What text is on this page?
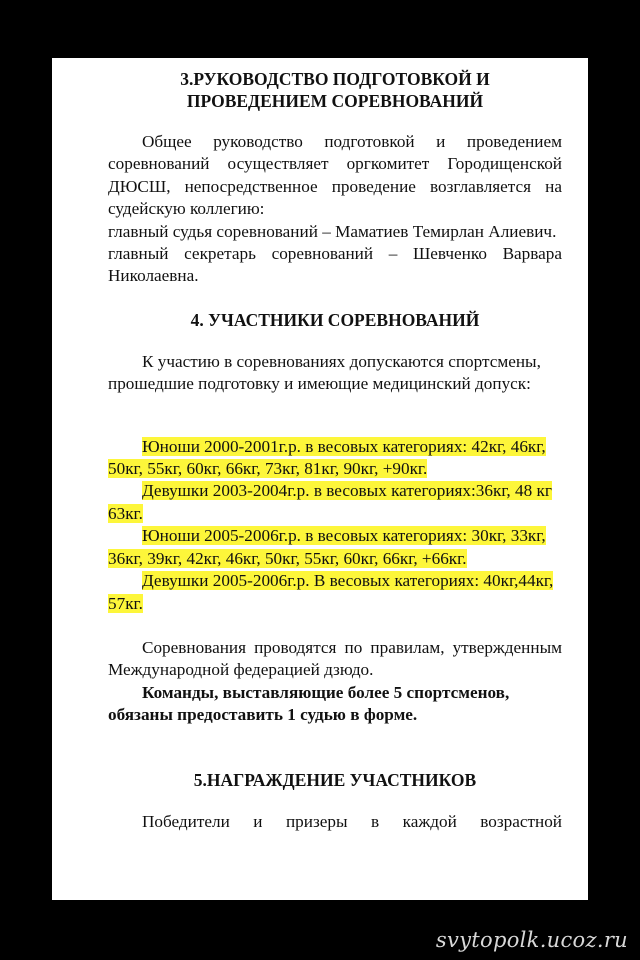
3.РУКОВОДСТВО ПОДГОТОВКОЙ И
ПРОВЕДЕНИЕМ СОРЕВНОВАНИЙ

Общее руководство подготовкой и проведением соревнований осуществляет оргкомитет Городищенской ДЮСШ, непосредственное проведение возглавляется на судейскую коллегию:

главный судья соревнований – Маматиев Темирлан Алиевич.

главный секретарь соревнований – Шевченко Варвара Николаевна.

4. УЧАСТНИКИ СОРЕВНОВАНИЙ

К участию в соревнованиях допускаются спортсмены, прошедшие подготовку и имеющие медицинский допуск:

Юноши 2000-2001г.р. в весовых категориях: 42кг, 46кг, 50кг, 55кг, 60кг, 66кг, 73кг, 81кг, 90кг, +90кг.

Девушки 2003-2004г.р. в весовых категориях:36кг, 48 кг 63кг.

Юноши 2005-2006г.р. в весовых категориях: 30кг, 33кг, 36кг, 39кг, 42кг, 46кг, 50кг, 55кг, 60кг, 66кг, +66кг.

Девушки 2005-2006г.р. В весовых категориях: 40кг,44кг, 57кг.

Соревнования проводятся по правилам, утвержденным Международной федерацией дзюдо.

Команды, выставляющие более 5 спортсменов, обязаны предоставить 1 судью в форме.

5.НАГРАЖДЕНИЕ УЧАСТНИКОВ

Победители и призеры в каждой возрастной

svytopolk.ucoz.ru
